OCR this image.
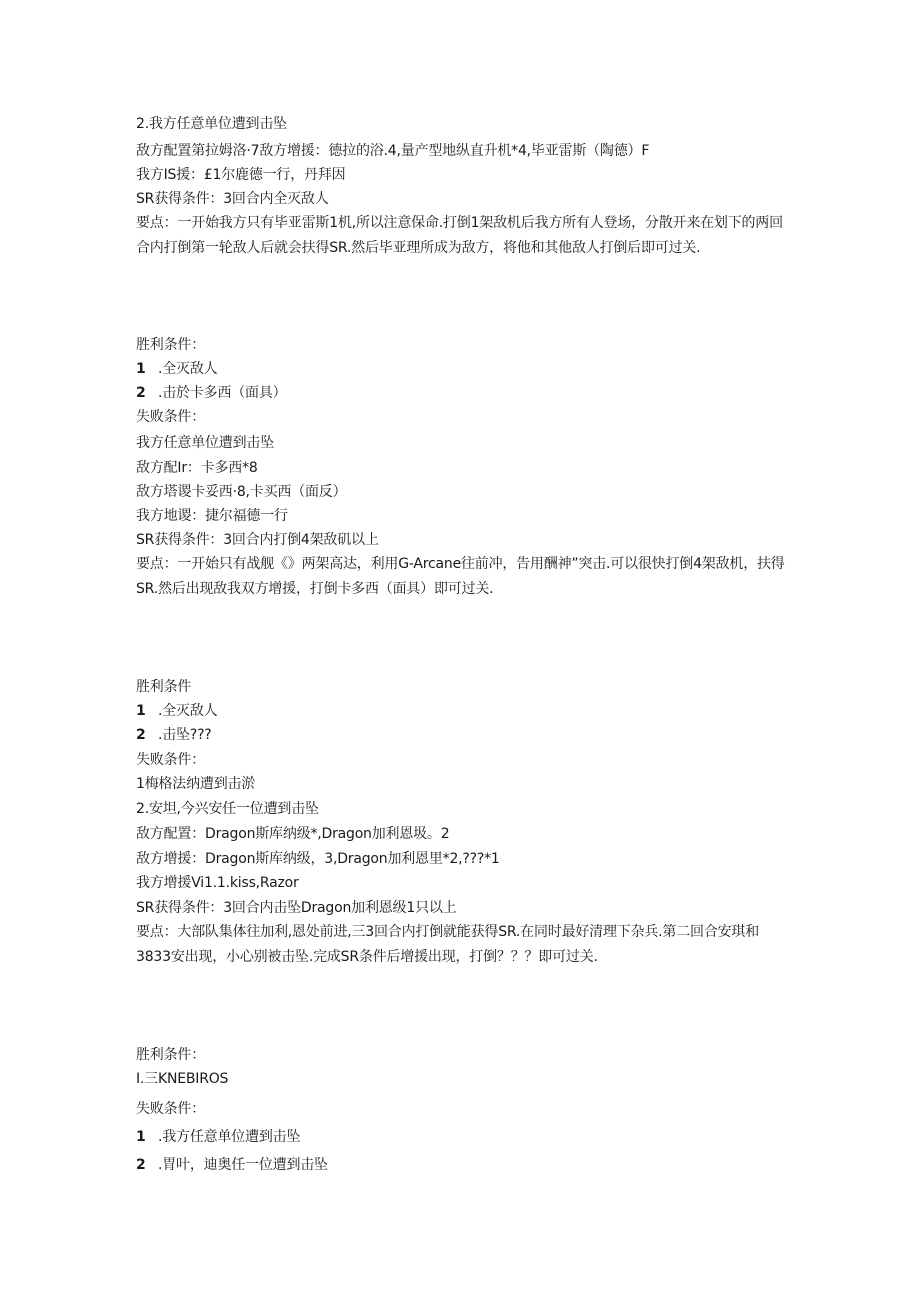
2.我方任意单位遭到击坠

敌方配置第拉姆洛·7敌方增援：德拉的浴.4,量产型地纵直升机*4,毕亚雷斯（陶德）F

我方IS援：£1尔鹿德一行，丹拜因

SR获得条件：3回合内全灭敌人

要点：一开始我方只有毕亚雷斯1机,所以注意保命.打倒1架敌机后我方所有人登场，分散开来在划下的两回合内打倒第一轮敌人后就会扶得SR.然后毕亚理所成为敌方，将他和其他敌人打倒后即可过关.

胜利条件：

1 .全灭敌人

2 .击於卡多西（面具）

失败条件：

我方任意单位遭到击坠

敌方配Ir：卡多西*8

敌方塔谡卡妥西·8,卡买西（面反）

我方地谡：捷尔福德一行

SR获得条件：3回合内打倒4架敌矶以上

要点：一开始只有战舰《》两架高达，利用G-Arcane往前冲，告用酬神”突击.可以很快打倒4架敌机，扶得SR.然后出现敌我双方增援，打倒卡多西（面具）即可过关.

胜利条件

1 .全灭敌人

2 .击坠???

失败条件：

1梅格法纳遭到击淤

2.安坦,今兴安任一位遭到击坠

敌方配置：Dragon斯库纳级*,Dragon加利恩圾。2

敌方增援：Dragon斯库纳级，3,Dragon加利恩里*2,???*1

我方增援Vi1.1.kiss,Razor

SR获得条件：3回合内击坠Dragon加利恩级1只以上

要点：大部队集体往加利,恩处前进,三3回合内打倒就能获得SR.在同时最好清理下杂兵.第二回合安琪和3833安出现，小心别被击坠.完成SR条件后增援出现，打倒？？？即可过关.

胜利条件：

I.三KNEBIROS

失败条件：

1 .我方任意单位遭到击坠

2 .胃叶，迪奥任一位遭到击坠
